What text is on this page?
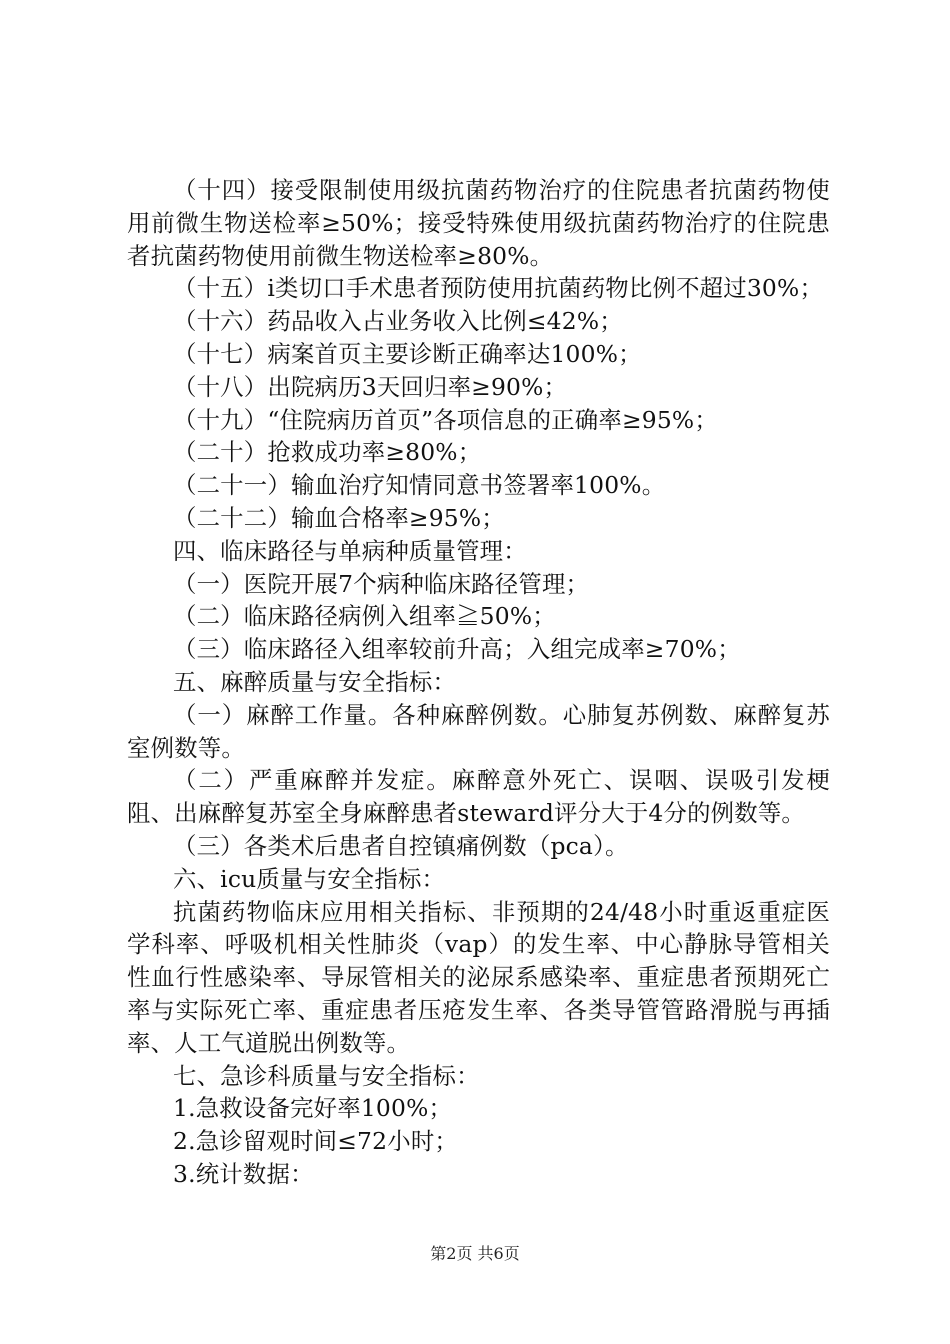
（十四）接受限制使用级抗菌药物治疗的住院患者抗菌药物使用前微生物送检率≥50%；接受特殊使用级抗菌药物治疗的住院患者抗菌药物使用前微生物送检率≥80%。

（十五）i类切口手术患者预防使用抗菌药物比例不超过30%；

（十六）药品收入占业务收入比例≤42%；

（十七）病案首页主要诊断正确率达100%；

（十八）出院病历3天回归率≥90%；

（十九）“住院病历首页”各项信息的正确率≥95%；

（二十）抢救成功率≥80%；

（二十一）输血治疗知情同意书签署率100%。

（二十二）输血合格率≥95%；

四、临床路径与单病种质量管理：

（一）医院开展7个病种临床路径管理；

（二）临床路径病例入组率≧50%；

（三）临床路径入组率较前升高；入组完成率≥70%；

五、麻醉质量与安全指标：

（一）麻醉工作量。各种麻醉例数。心肺复苏例数、麻醉复苏室例数等。

（二）严重麻醉并发症。麻醉意外死亡、误咽、误吸引发梗阻、出麻醉复苏室全身麻醉患者steward评分大于4分的例数等。

（三）各类术后患者自控镇痛例数（pca）。

六、icu质量与安全指标：

抗菌药物临床应用相关指标、非预期的24/48小时重返重症医学科率、呼吸机相关性肺炎（vap）的发生率、中心静脉导管相关性血行性感染率、导尿管相关的泌尿系感染率、重症患者预期死亡率与实际死亡率、重症患者压疮发生率、各类导管管路滑脱与再插率、人工气道脱出例数等。

七、急诊科质量与安全指标：

1.急救设备完好率100%；

2.急诊留观时间≤72小时；

3.统计数据：

第2页 共6页
